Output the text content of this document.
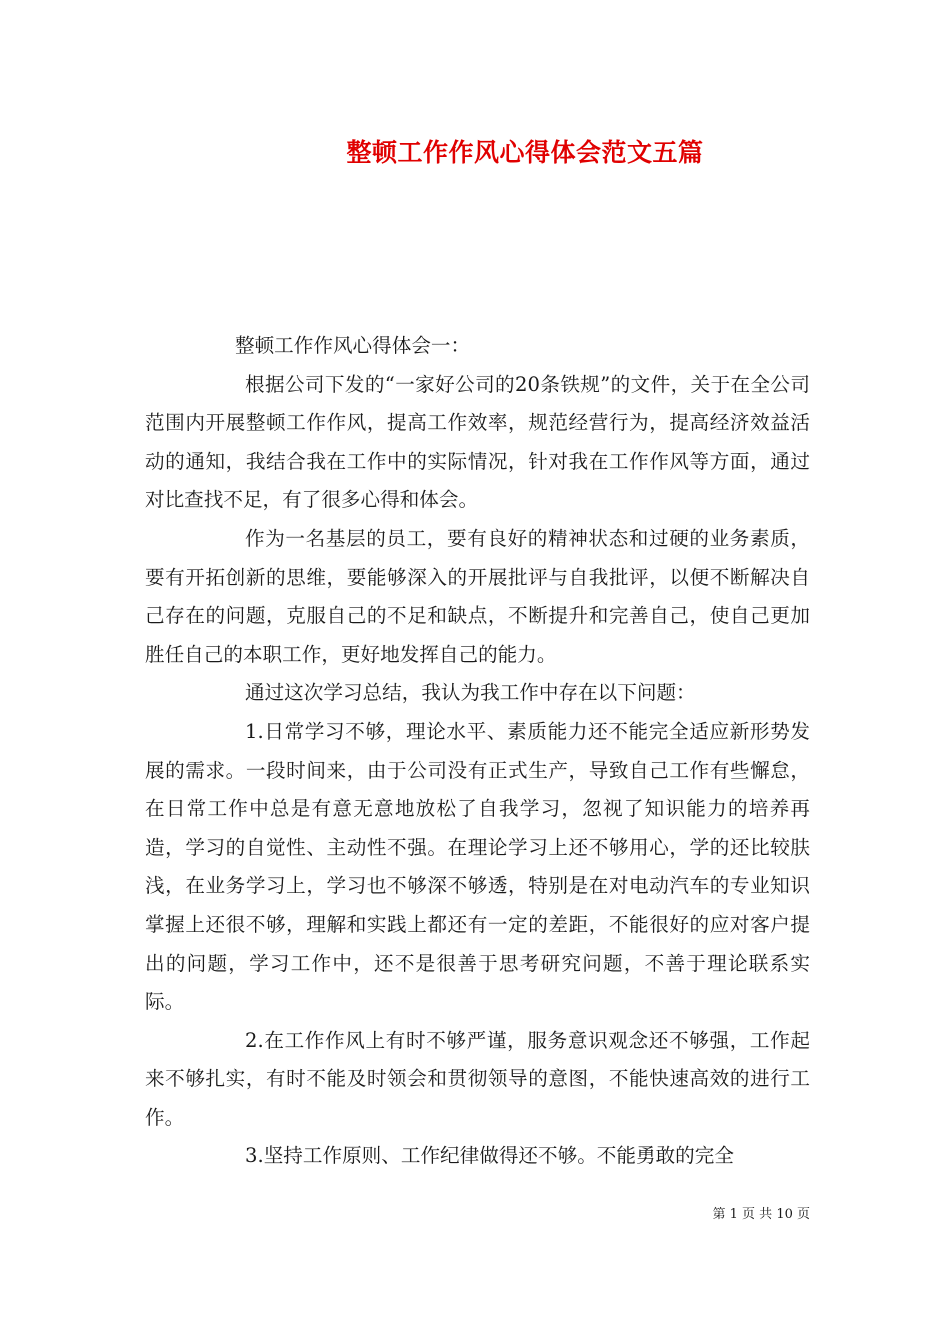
整顿工作作风心得体会范文五篇

整顿工作作风心得体会一：

根据公司下发的“一家好公司的20条铁规”的文件，关于在全公司范围内开展整顿工作作风，提高工作效率，规范经营行为，提高经济效益活动的通知，我结合我在工作中的实际情况，针对我在工作作风等方面，通过对比查找不足，有了很多心得和体会。

作为一名基层的员工，要有良好的精神状态和过硬的业务素质，要有开拓创新的思维，要能够深入的开展批评与自我批评，以便不断解决自己存在的问题，克服自己的不足和缺点，不断提升和完善自己，使自己更加胜任自己的本职工作，更好地发挥自己的能力。

通过这次学习总结，我认为我工作中存在以下问题：

1.日常学习不够，理论水平、素质能力还不能完全适应新形势发展的需求。一段时间来，由于公司没有正式生产，导致自己工作有些懈怠，在日常工作中总是有意无意地放松了自我学习，忽视了知识能力的培养再造，学习的自觉性、主动性不强。在理论学习上还不够用心，学的还比较肤浅，在业务学习上，学习也不够深不够透，特别是在对电动汽车的专业知识掌握上还很不够，理解和实践上都还有一定的差距，不能很好的应对客户提出的问题，学习工作中，还不是很善于思考研究问题，不善于理论联系实际。

2.在工作作风上有时不够严谨，服务意识观念还不够强，工作起来不够扎实，有时不能及时领会和贯彻领导的意图，不能快速高效的进行工作。

3.坚持工作原则、工作纪律做得还不够。不能勇敢的完全

第 1 页 共 10 页
